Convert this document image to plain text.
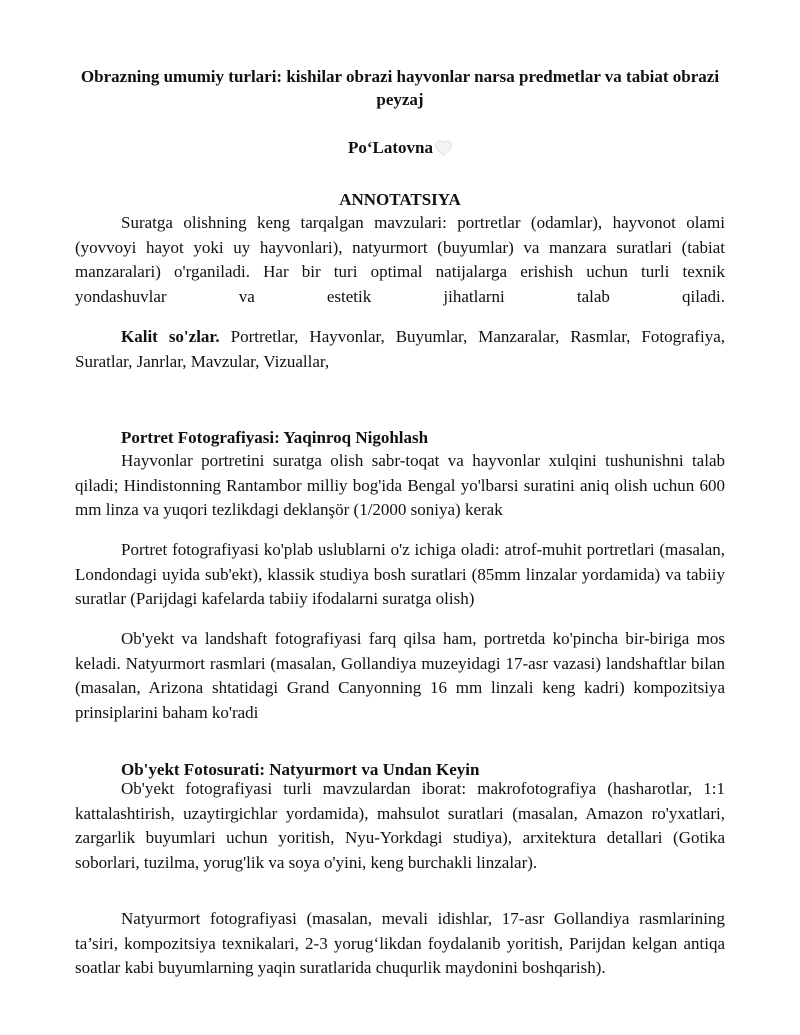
Obrazning umumiy turlari: kishilar obrazi hayvonlar narsa predmetlar va tabiat obrazi peyzaj
Po‘Latovna
ANNOTATSIYA

Suratga olishning keng tarqalgan mavzulari: portretlar (odamlar), hayvonot olami (yovvoyi hayot yoki uy hayvonlari), natyurmort (buyumlar) va manzara suratlari (tabiat manzaralari) o'rganiladi. Har bir turi optimal natijalarga erishish uchun turli texnik yondashuvlar va estetik jihatlarni talab qiladi.

Kalit so'zlar. Portretlar, Hayvonlar, Buyumlar, Manzaralar, Rasmlar, Fotografiya, Suratlar, Janrlar, Mavzular, Vizuallar,

Portret Fotografiyasi: Yaqinroq Nigohlash

Hayvonlar portretini suratga olish sabr-toqat va hayvonlar xulqini tushunishni talab qiladi; Hindistonning Rantambor milliy bog'ida Bengal yo'lbarsi suratini aniq olish uchun 600 mm linza va yuqori tezlikdagi deklanşör (1/2000 soniya) kerak

Portret fotografiyasi ko'plab uslublarni o'z ichiga oladi: atrof-muhit portretlari (masalan, Londondagi uyida sub'ekt), klassik studiya bosh suratlari (85mm linzalar yordamida) va tabiiy suratlar (Parijdagi kafelarda tabiiy ifodalarni suratga olish)

Ob'yekt va landshaft fotografiyasi farq qilsa ham, portretda ko'pincha bir-biriga mos keladi. Natyurmort rasmlari (masalan, Gollandiya muzeyidagi 17-asr vazasi) landshaftlar bilan (masalan, Arizona shtatidagi Grand Canyonning 16 mm linzali keng kadri) kompozitsiya prinsiplarini baham ko'radi

Ob'yekt Fotosurati: Natyurmort va Undan Keyin

Ob'yekt fotografiyasi turli mavzulardan iborat: makrofotografiya (hasharotlar, 1:1 kattalashtirish, uzaytirgichlar yordamida), mahsulot suratlari (masalan, Amazon ro'yxatlari, zargarlik buyumlari uchun yoritish, Nyu-Yorkdagi studiya), arxitektura detallari (Gotika soborlari, tuzilma, yorug'lik va soya o'yini, keng burchakli linzalar).

Natyurmort fotografiyasi (masalan, mevali idishlar, 17-asr Gollandiya rasmlarining ta’siri, kompozitsiya texnikalari, 2-3 yorug‘likdan foydalanib yoritish, Parijdan kelgan antiqa soatlar kabi buyumlarning yaqin suratlarida chuqurlik maydonini boshqarish).
